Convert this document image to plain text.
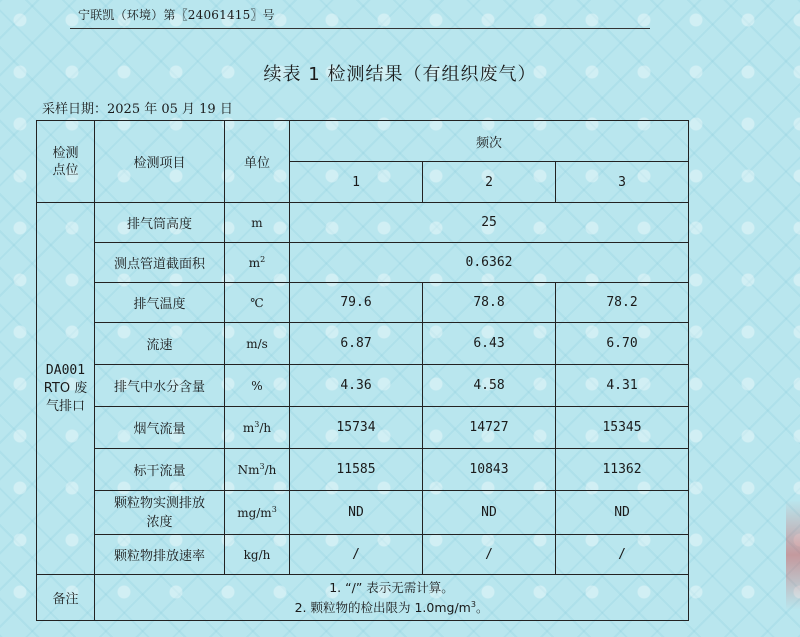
宁联凯（环境）第〖24061415〗号
续表 1 检测结果（有组织废气）
采样日期：2025 年 05 月 19 日
检测点位	检测项目	单位	频次		
			1	2	3

DA001
RTO 废
气排口	排气筒高度	m	25		
	测点管道截面积	$m^2$	0.6362		
	排气温度	℃	79.6	78.8	78.2
	流速	m/s	6.87	6.43	6.70
	排气中水分含量	%	4.36	4.58	4.31
	烟气流量	$m^3/h$	15734	14727	15345
	标干流量	Nm$^3$/h	11585	10843	11362

	颗粒物实测排放
浓度	$mg/m^3$	ND	ND	ND
	颗粒物排放速率	kg/h	/	/	/
备注	1. “/” 表示无需计算。
2. 颗粒物的检出限为 $1.0mg/m^3$。				
